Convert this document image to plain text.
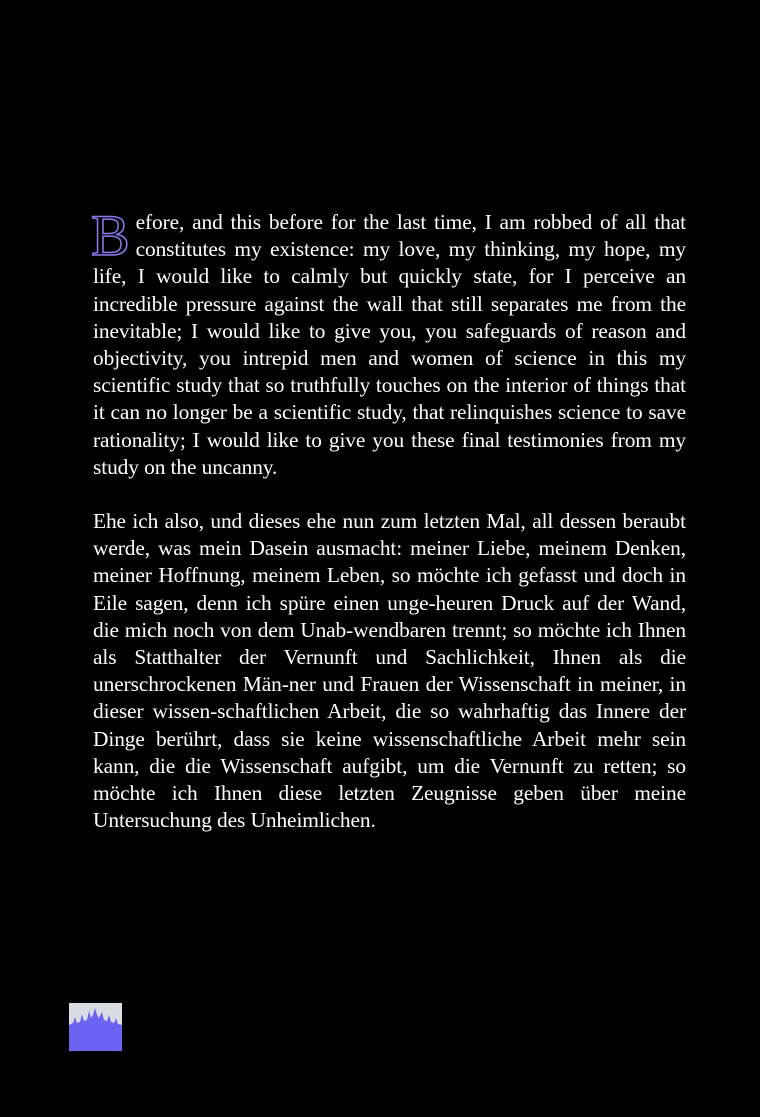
Before, and this before for the last time, I am robbed of all that constitutes my existence: my love, my thinking, my hope, my life, I would like to calmly but quickly state, for I perceive an incredible pressure against the wall that still separates me from the inevitable; I would like to give you, you safeguards of reason and objectivity, you intrepid men and women of science in this my scientific study that so truthfully touches on the interior of things that it can no longer be a scientific study, that relinquishes science to save rationality; I would like to give you these final testimonies from my study on the uncanny.

Ehe ich also, und dieses ehe nun zum letzten Mal, all dessen beraubt werde, was mein Dasein ausmacht: meiner Liebe, meinem Denken, meiner Hoffnung, meinem Leben, so möchte ich gefasst und doch in Eile sagen, denn ich spüre einen unge-heuren Druck auf der Wand, die mich noch von dem Unab-wendbaren trennt; so möchte ich Ihnen als Statthalter der Vernunft und Sachlichkeit, Ihnen als die unerschrockenen Män-ner und Frauen der Wissenschaft in meiner, in dieser wissen-schaftlichen Arbeit, die so wahrhaftig das Innere der Dinge berührt, dass sie keine wissenschaftliche Arbeit mehr sein kann, die die Wissenschaft aufgibt, um die Vernunft zu retten; so möchte ich Ihnen diese letzten Zeugnisse geben über meine Untersuchung des Unheimlichen.
